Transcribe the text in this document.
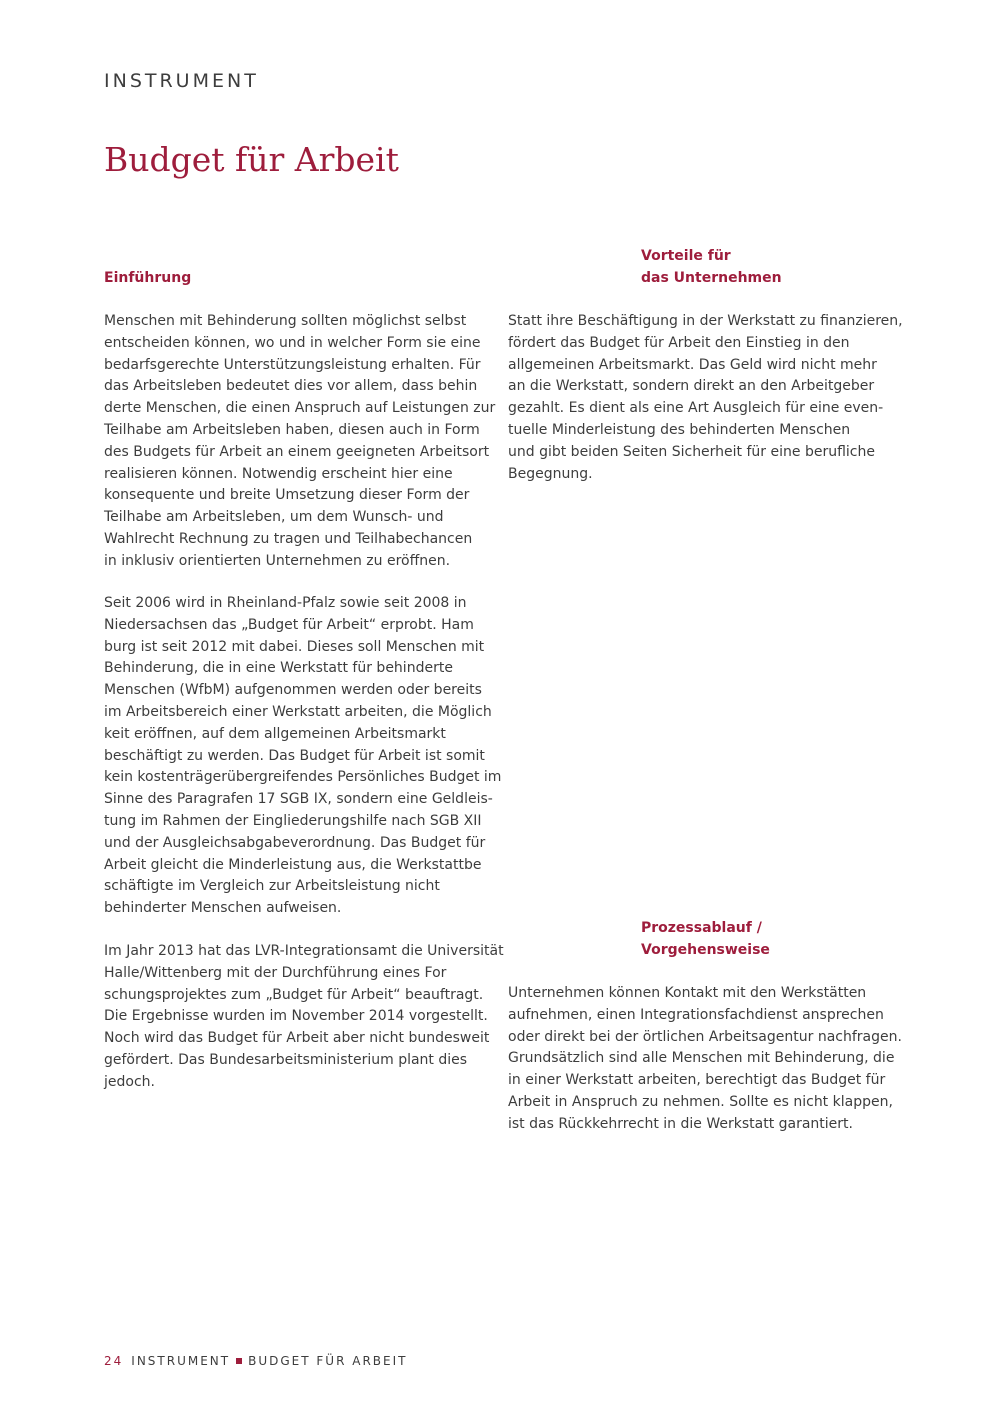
INSTRUMENT
Budget für Arbeit
Einführung
Menschen mit Behinderung sollten möglichst selbst
entscheiden können, wo und in welcher Form sie eine
bedarfsgerechte Unterstützungsleistung erhalten. Für
das Arbeitsleben bedeutet dies vor allem, dass behin
derte Menschen, die einen Anspruch auf Leistungen zur
Teilhabe am Arbeitsleben haben, diesen auch in Form
des Budgets für Arbeit an einem geeigneten Arbeitsort
realisieren können. Notwendig erscheint hier eine
konsequente und breite Umsetzung dieser Form der
Teilhabe am Arbeitsleben, um dem Wunsch- und
Wahlrecht Rechnung zu tragen und Teilhabechancen
in inklusiv orientierten Unternehmen zu eröffnen.
Seit 2006 wird in Rheinland-Pfalz sowie seit 2008 in
Niedersachsen das „Budget für Arbeit“ erprobt. Ham
burg ist seit 2012 mit dabei. Dieses soll Menschen mit
Behinderung, die in eine Werkstatt für behinderte
Menschen (WfbM) aufgenommen werden oder bereits
im Arbeitsbereich einer Werkstatt arbeiten, die Möglich
keit eröffnen, auf dem allgemeinen Arbeitsmarkt
beschäftigt zu werden. Das Budget für Arbeit ist somit
kein kostenträgerübergreifendes Persönliches Budget im
Sinne des Paragrafen 17 SGB IX, sondern eine Geldleis-
tung im Rahmen der Eingliederungshilfe nach SGB XII
und der Ausgleichsabgabeverordnung. Das Budget für
Arbeit gleicht die Minderleistung aus, die Werkstattbe
schäftigte im Vergleich zur Arbeitsleistung nicht
behinderter Menschen aufweisen.
Im Jahr 2013 hat das LVR-Integrationsamt die Universität
Halle/Wittenberg mit der Durchführung eines For
schungsprojektes zum „Budget für Arbeit“ beauftragt.
Die Ergebnisse wurden im November 2014 vorgestellt.
Noch wird das Budget für Arbeit aber nicht bundesweit
gefördert. Das Bundesarbeitsministerium plant dies
jedoch.
Vorteile für
das Unternehmen
Statt ihre Beschäftigung in der Werkstatt zu finanzieren,
fördert das Budget für Arbeit den Einstieg in den
allgemeinen Arbeitsmarkt. Das Geld wird nicht mehr
an die Werkstatt, sondern direkt an den Arbeitgeber
gezahlt. Es dient als eine Art Ausgleich für eine even-
tuelle Minderleistung des behinderten Menschen
und gibt beiden Seiten Sicherheit für eine berufliche
Begegnung.
Prozessablauf /
Vorgehensweise
Unternehmen können Kontakt mit den Werkstätten
aufnehmen, einen Integrationsfachdienst ansprechen
oder direkt bei der örtlichen Arbeitsagentur nachfragen.
Grundsätzlich sind alle Menschen mit Behinderung, die
in einer Werkstatt arbeiten, berechtigt das Budget für
Arbeit in Anspruch zu nehmen. Sollte es nicht klappen,
ist das Rückkehrrecht in die Werkstatt garantiert.
24 INSTRUMENT BUDGET FÜR ARBEIT
